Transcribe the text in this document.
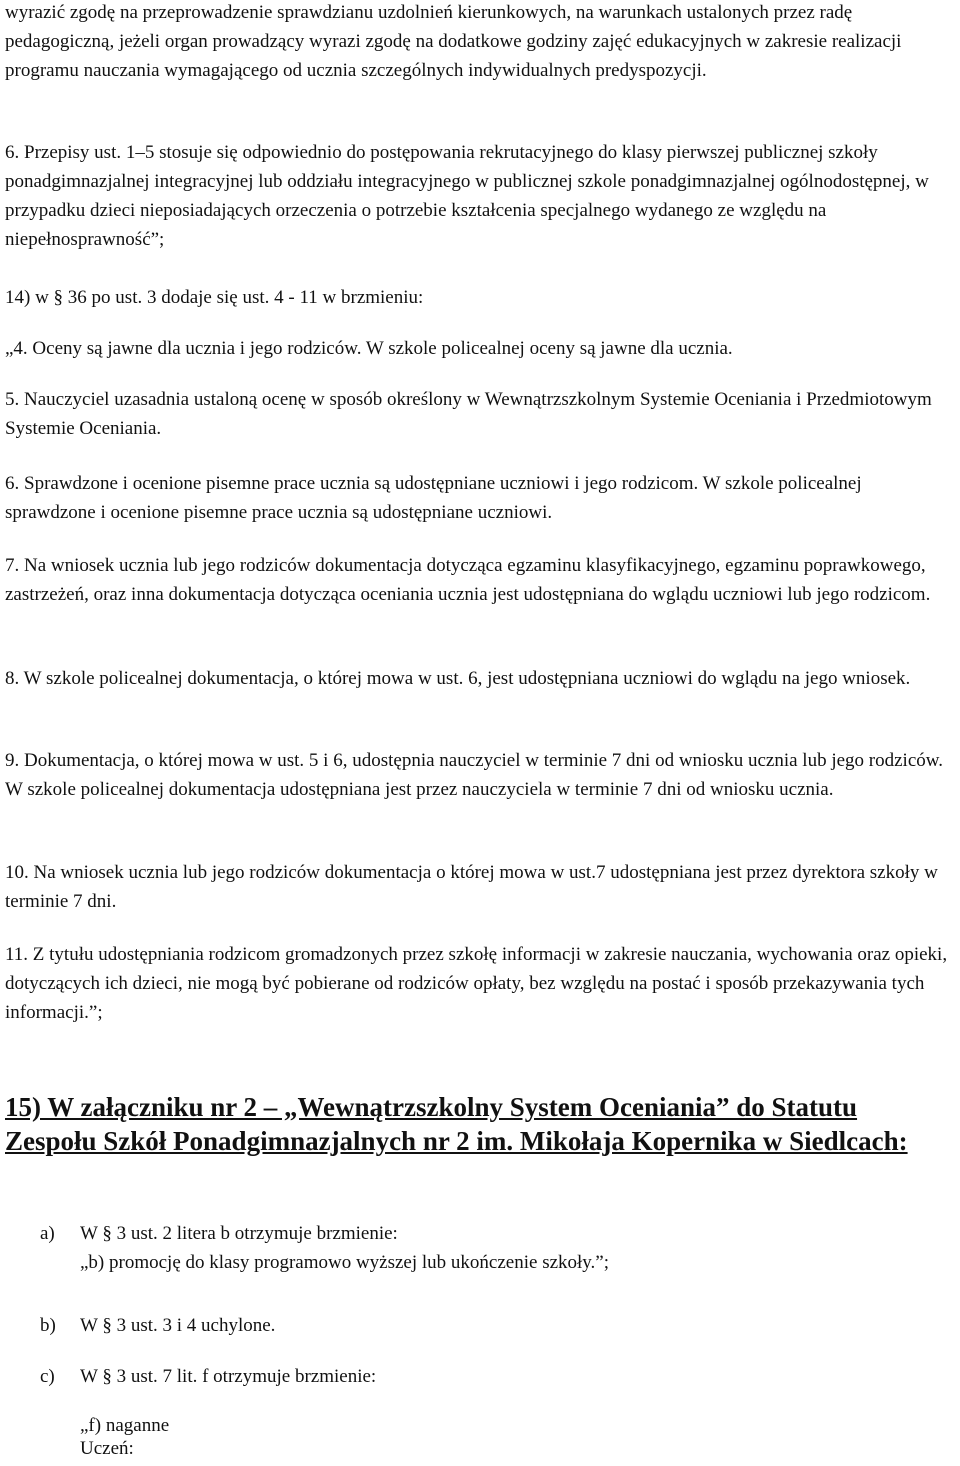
wyrazić zgodę na przeprowadzenie sprawdzianu uzdolnień kierunkowych, na warunkach ustalonych przez radę pedagogiczną, jeżeli organ prowadzący wyrazi zgodę na dodatkowe godziny zajęć edukacyjnych w zakresie realizacji programu nauczania wymagającego od ucznia szczególnych indywidualnych predyspozycji.

6. Przepisy ust. 1–5 stosuje się odpowiednio do postępowania rekrutacyjnego do klasy pierwszej publicznej szkoły ponadgimnazjalnej integracyjnej lub oddziału integracyjnego w publicznej szkole ponadgimnazjalnej ogólnodostępnej, w przypadku dzieci nieposiadających orzeczenia o potrzebie kształcenia specjalnego wydanego ze względu na niepełnosprawność”;

14) w § 36 po ust. 3 dodaje się ust. 4 - 11 w brzmieniu:

„4. Oceny są jawne dla ucznia i jego rodziców. W szkole policealnej oceny są jawne dla ucznia.

5. Nauczyciel uzasadnia ustaloną ocenę w sposób określony w Wewnątrzszkolnym Systemie Oceniania i Przedmiotowym Systemie Oceniania.

6. Sprawdzone i ocenione pisemne prace ucznia są udostępniane uczniowi i jego rodzicom. W szkole policealnej sprawdzone i ocenione pisemne prace ucznia są udostępniane uczniowi.

7. Na wniosek ucznia lub jego rodziców dokumentacja dotycząca egzaminu klasyfikacyjnego, egzaminu poprawkowego, zastrzeżeń, oraz inna dokumentacja dotycząca oceniania ucznia jest udostępniana do wglądu uczniowi lub jego rodzicom.

8. W szkole policealnej dokumentacja, o której mowa w ust. 6, jest udostępniana uczniowi do wglądu na jego wniosek.

9. Dokumentacja, o której mowa w ust. 5 i 6, udostępnia nauczyciel w terminie 7 dni od wniosku ucznia lub jego rodziców. W szkole policealnej dokumentacja udostępniana jest przez nauczyciela w terminie 7 dni od wniosku ucznia.

10. Na wniosek ucznia lub jego rodziców dokumentacja o której mowa w ust.7 udostępniana jest przez dyrektora szkoły w terminie 7 dni.

11. Z tytułu udostępniania rodzicom gromadzonych przez szkołę informacji w zakresie nauczania, wychowania oraz opieki, dotyczących ich dzieci, nie mogą być pobierane od rodziców opłaty, bez względu na postać i sposób przekazywania tych informacji.”;

15) W załączniku nr 2 – „Wewnątrzszkolny System Oceniania” do Statutu Zespołu Szkół Ponadgimnazjalnych nr 2 im. Mikołaja Kopernika w Siedlcach:

a) W § 3 ust. 2 litera b otrzymuje brzmienie:
„b) promocję do klasy programowo wyższej lub ukończenie szkoły.”;
b) W § 3 ust. 3 i 4 uchylone.
c) W § 3 ust. 7 lit. f otrzymuje brzmienie:
„f) naganne
Uczeń:
